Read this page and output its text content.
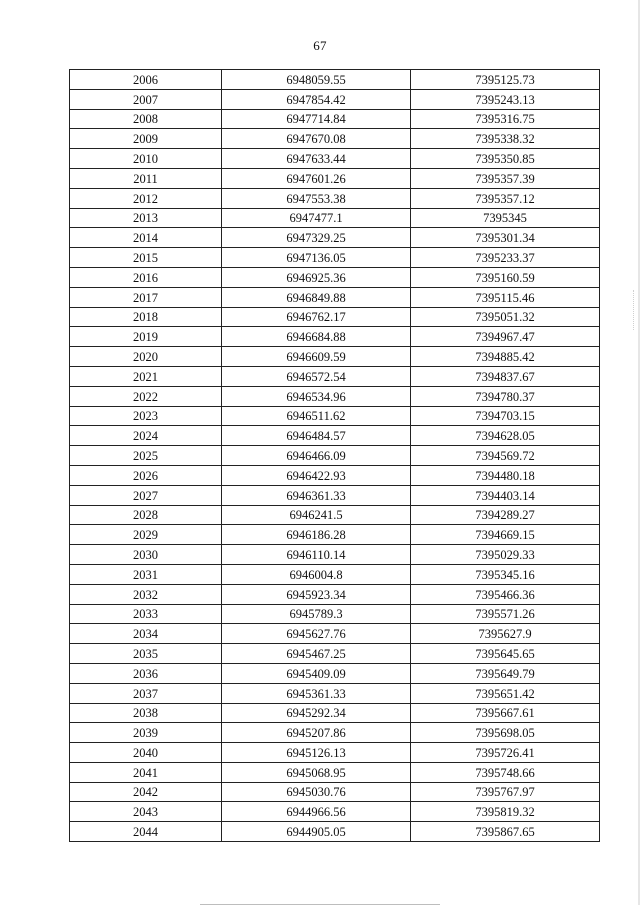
67
2006	6948059.55	7395125.73
2007	6947854.42	7395243.13
2008	6947714.84	7395316.75
2009	6947670.08	7395338.32
2010	6947633.44	7395350.85
2011	6947601.26	7395357.39
2012	6947553.38	7395357.12
2013	6947477.1	7395345
2014	6947329.25	7395301.34
2015	6947136.05	7395233.37
2016	6946925.36	7395160.59
2017	6946849.88	7395115.46
2018	6946762.17	7395051.32
2019	6946684.88	7394967.47
2020	6946609.59	7394885.42
2021	6946572.54	7394837.67
2022	6946534.96	7394780.37
2023	6946511.62	7394703.15
2024	6946484.57	7394628.05
2025	6946466.09	7394569.72
2026	6946422.93	7394480.18
2027	6946361.33	7394403.14
2028	6946241.5	7394289.27
2029	6946186.28	7394669.15
2030	6946110.14	7395029.33
2031	6946004.8	7395345.16
2032	6945923.34	7395466.36
2033	6945789.3	7395571.26
2034	6945627.76	7395627.9
2035	6945467.25	7395645.65
2036	6945409.09	7395649.79
2037	6945361.33	7395651.42
2038	6945292.34	7395667.61
2039	6945207.86	7395698.05
2040	6945126.13	7395726.41
2041	6945068.95	7395748.66
2042	6945030.76	7395767.97
2043	6944966.56	7395819.32
2044	6944905.05	7395867.65
